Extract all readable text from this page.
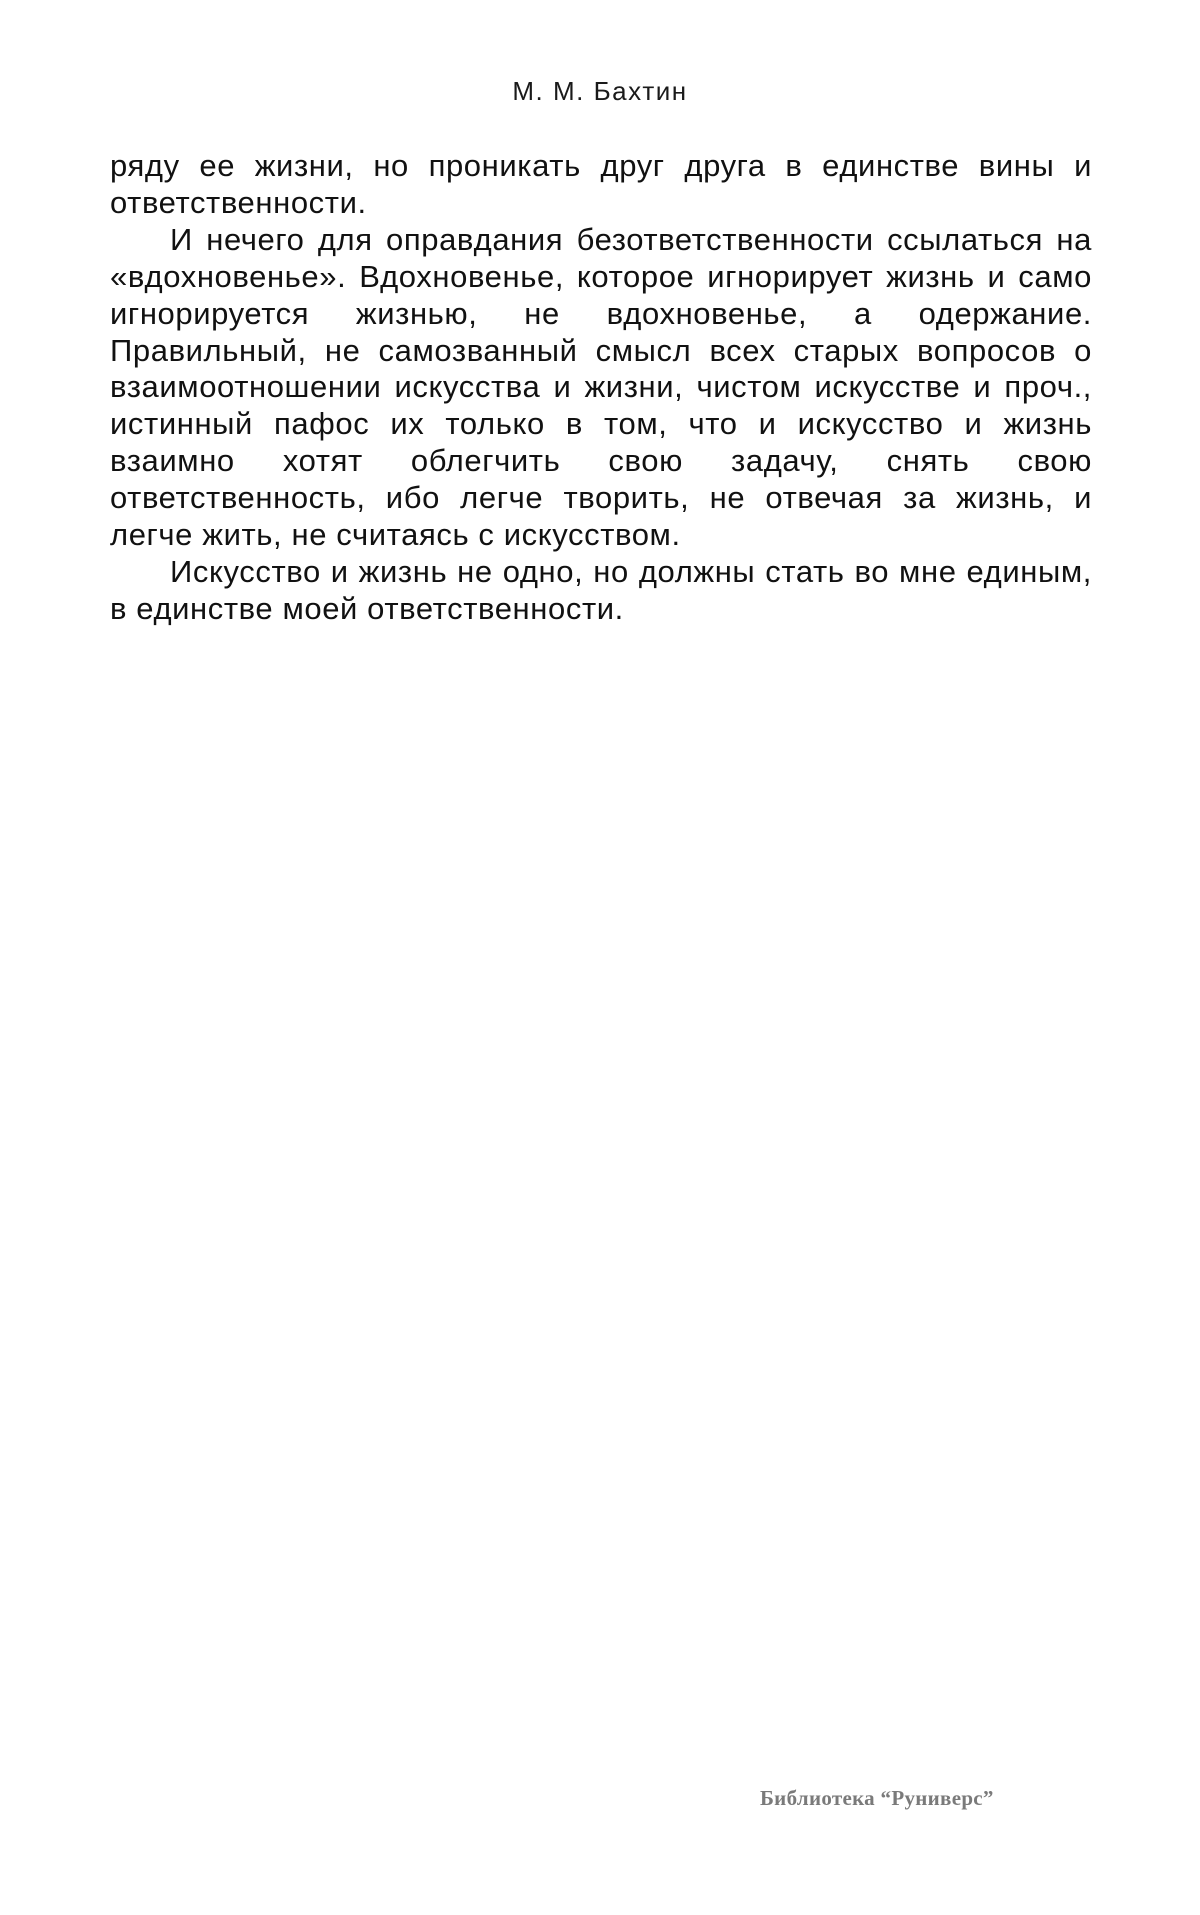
М. М. Бахтин

ряду ее жизни, но проникать друг друга в единстве вины и ответственности.

И нечего для оправдания безответственности ссылаться на «вдохновенье». Вдохновенье, которое игнорирует жизнь и само игнорируется жизнью, не вдохновенье, а одержание. Правильный, не самозванный смысл всех старых вопросов о взаимоотношении искусства и жизни, чистом искусстве и проч., истинный пафос их только в том, что и искусство и жизнь взаимно хотят облегчить свою задачу, снять свою ответственность, ибо легче творить, не отвечая за жизнь, и легче жить, не считаясь с искусством.

Искусство и жизнь не одно, но должны стать во мне единым, в единстве моей ответственности.

Библиотека “Руниверс”
